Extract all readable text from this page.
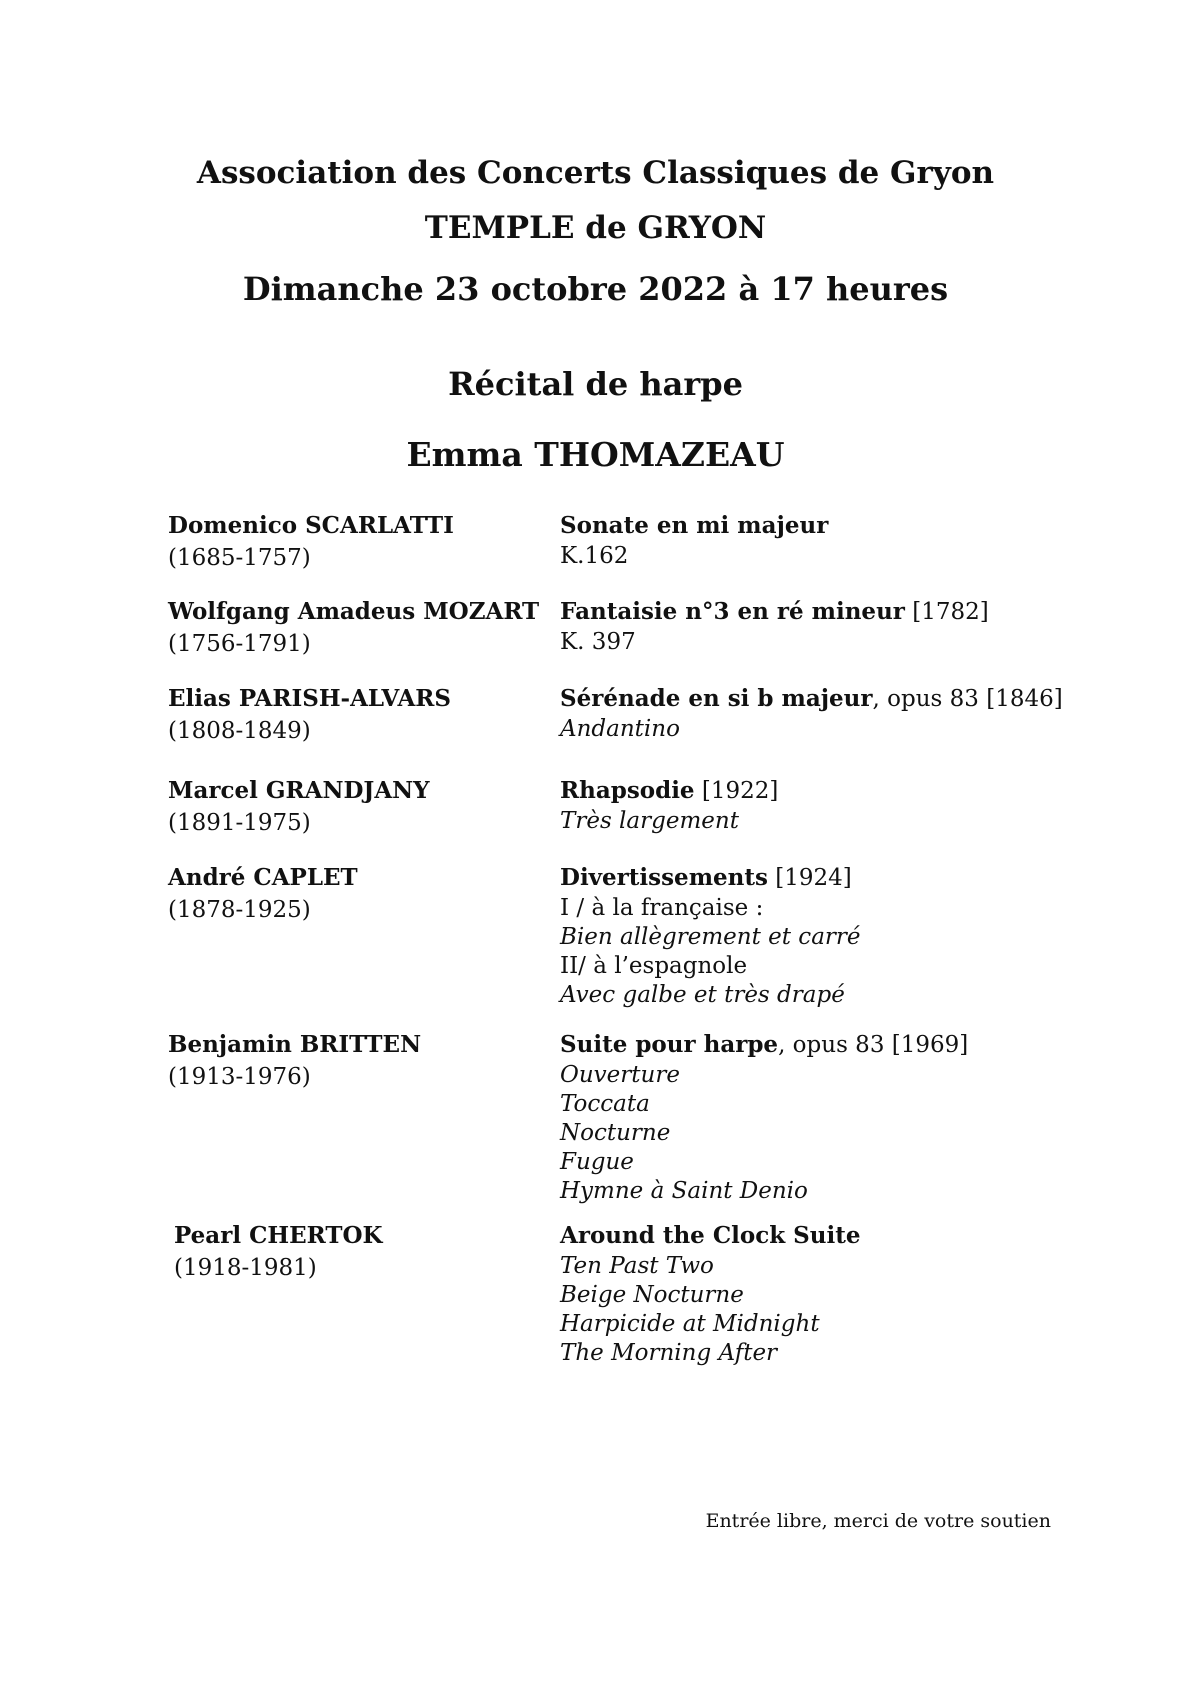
Association des Concerts Classiques de Gryon
TEMPLE de GRYON
Dimanche 23 octobre 2022 à 17 heures
Récital de harpe
Emma THOMAZEAU
Domenico SCARLATTI
(1685-1757)
Sonate en mi majeur
K.162
Wolfgang Amadeus MOZART
(1756-1791)
Fantaisie n°3 en ré mineur [1782]
K. 397
Elias PARISH-ALVARS
(1808-1849)
Sérénade en si b majeur, opus 83 [1846]
Andantino
Marcel GRANDJANY
(1891-1975)
Rhapsodie [1922]
Très largement
André CAPLET
(1878-1925)
Divertissements [1924]
I / à la française :
Bien allègrement et carré
II/ à l’espagnole
Avec galbe et très drapé
Benjamin BRITTEN
(1913-1976)
Suite pour harpe, opus 83 [1969]
Ouverture
Toccata
Nocturne
Fugue
Hymne à Saint Denio
Pearl CHERTOK
(1918-1981)
Around the Clock Suite
Ten Past Two
Beige Nocturne
Harpicide at Midnight
The Morning After
Entrée libre, merci de votre soutien
